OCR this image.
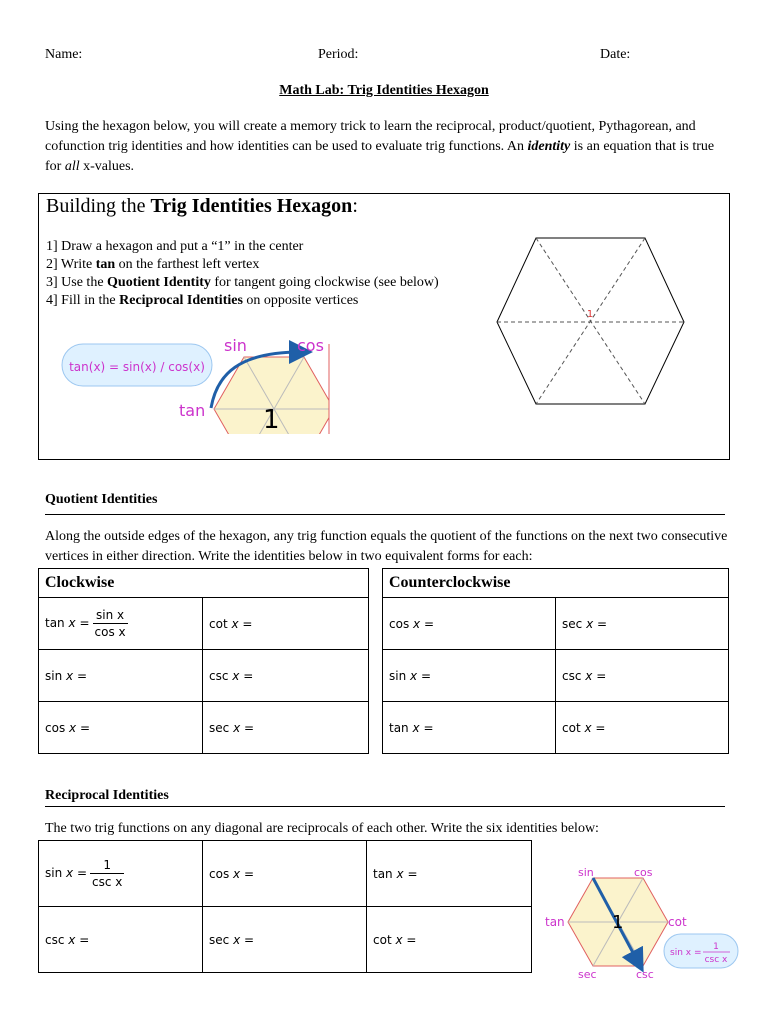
Name:	Period:	Date:
Math Lab: Trig Identities Hexagon
Using the hexagon below, you will create a memory trick to learn the reciprocal, product/quotient, Pythagorean, and cofunction trig identities and how identities can be used to evaluate trig functions. An identity is an equation that is true for all x-values.
Building the Trig Identities Hexagon:
1] Draw a hexagon and put a “1” in the center
2] Write tan on the farthest left vertex
3] Use the Quotient Identity for tangent going clockwise (see below)
4] Fill in the Reciprocal Identities on opposite vertices
tan(x) = sin(x) / cos(x)
sin	cos
tan 1
1
Quotient Identities
Along the outside edges of the hexagon, any trig function equals the quotient of the functions on the next two consecutive vertices in either direction. Write the identities below in two equivalent forms for each:
Clockwise	
$\tan x = \frac{\text{sin x}}{\text{cos x}}$	cot x =
sin x =	csc x =
cos x =	sec x =
Counterclockwise	
cos x =	sec x =
sin x =	csc x =
tan x =	cot x =
Reciprocal Identities
The two trig functions on any diagonal are reciprocals of each other. Write the six identities below:
$\sin x = \frac{1}{\text{csc x}}$	cos x =	tan x =
csc x =	sec x =	cot x =
1
sin	cos
tan	cot
sec	csc
sin x =
1
csc x
